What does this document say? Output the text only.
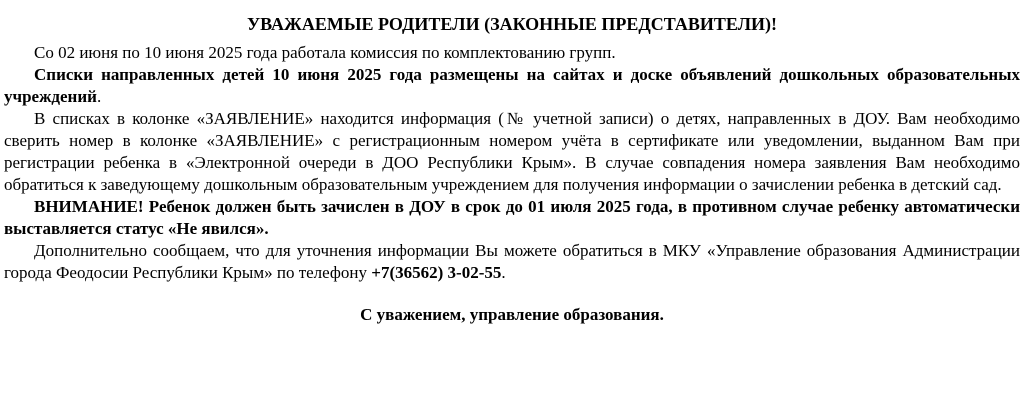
УВАЖАЕМЫЕ РОДИТЕЛИ (ЗАКОННЫЕ ПРЕДСТАВИТЕЛИ)!

Со 02 июня по 10 июня 2025 года работала комиссия по комплектованию групп.

Списки направленных детей 10 июня 2025 года размещены на сайтах и доске объявлений дошкольных образовательных учреждений.

В списках в колонке «ЗАЯВЛЕНИЕ» находится информация (№ учетной записи) о детях, направленных в ДОУ. Вам необходимо сверить номер в колонке «ЗАЯВЛЕНИЕ» с регистрационным номером учёта в сертификате или уведомлении, выданном Вам при регистрации ребенка в «Электронной очереди в ДОО Республики Крым». В случае совпадения номера заявления Вам необходимо обратиться к заведующему дошкольным образовательным учреждением для получения информации о зачислении ребенка в детский сад.

ВНИМАНИЕ! Ребенок должен быть зачислен в ДОУ в срок до 01 июля 2025 года, в противном случае ребенку автоматически выставляется статус «Не явился».

Дополнительно сообщаем, что для уточнения информации Вы можете обратиться в МКУ «Управление образования Администрации города Феодосии Республики Крым» по телефону +7(36562) 3-02-55.

С уважением, управление образования.
